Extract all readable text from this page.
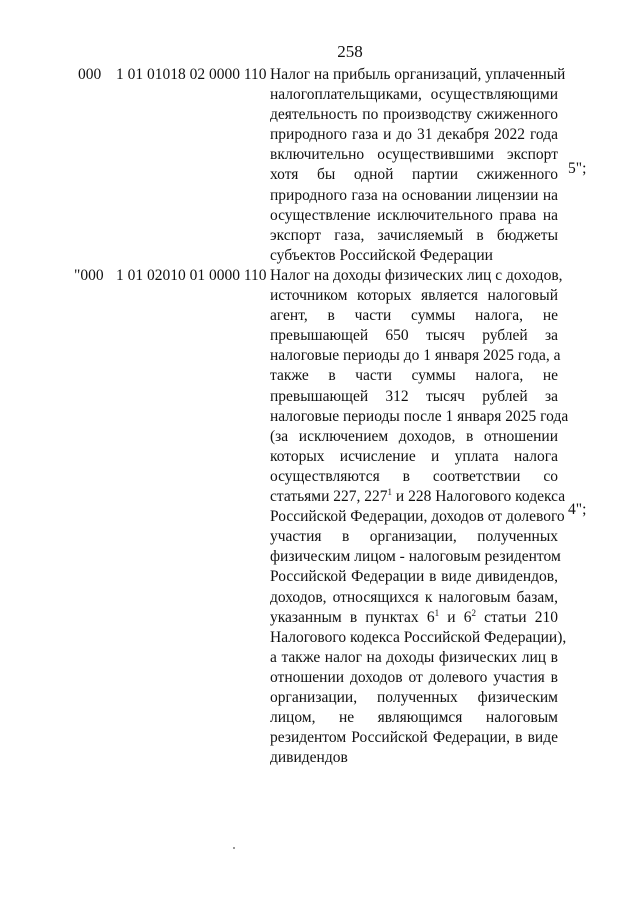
258
000 1 01 01018 02 0000 110 Налог на прибыль организаций, уплаченный
налогоплательщиками, осуществляющими
деятельность по производству сжиженного
природного газа и до 31 декабря 2022 года
включительно осуществившими экспорт
хотя бы одной партии сжиженного
природного газа на основании лицензии на
осуществление исключительного права на
экспорт газа, зачисляемый в бюджеты
субъектов Российской Федерации
5";
"000 1 01 02010 01 0000 110 Налог на доходы физических лиц с доходов,
источником которых является налоговый
агент, в части суммы налога, не
превышающей 650 тысяч рублей за
налоговые периоды до 1 января 2025 года, а
также в части суммы налога, не
превышающей 312 тысяч рублей за
налоговые периоды после 1 января 2025 года
(за исключением доходов, в отношении
которых исчисление и уплата налога
осуществляются в соответствии со
статьями 227, $227^1$ и 228 Налогового кодекса
Российской Федерации, доходов от долевого
участия в организации, полученных
физическим лицом - налоговым резидентом
Российской Федерации в виде дивидендов,
доходов, относящихся к налоговым базам,
указанным в пунктах $6^1$ и $6^2$ статьи 210
Налогового кодекса Российской Федерации),
а также налог на доходы физических лиц в
отношении доходов от долевого участия в
организации, полученных физическим
лицом, не являющимся налоговым
резидентом Российской Федерации, в виде
дивидендов
4";
